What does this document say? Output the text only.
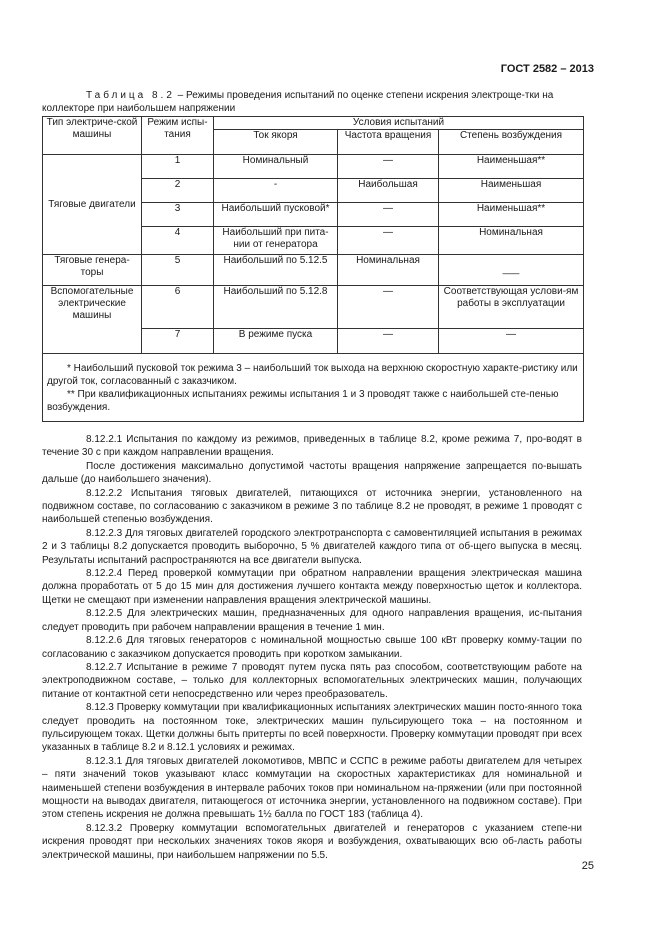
ГОСТ 2582 – 2013
Таблица 8.2 – Режимы проведения испытаний по оценке степени искрения электроще-тки на коллекторе при наибольшем напряжении
Тип электриче-ской машины	Режим испы-тания	Условия испытаний		
		Ток якоря	Частота вращения	Степень возбуждения
Тяговые двигатели	1	Номинальный	—	Наименьшая**
	2	-	Наибольшая	Наименьшая
	3	Наибольший пусковой*	—	Наименьшая**
	4	Наибольший при пита-нии от генератора	—	Номинальная
Тяговые генера-торы	5	Наибольший по 5.12.5	Номинальная	___
Вспомогательные электрические машины	6	Наибольший по 5.12.8	—	Соответствующая услови-ям работы в эксплуатации
	7	В режиме пуска	—	—

* Наибольший пусковой ток режима 3 – наибольший ток выхода на верхнюю скоростную характе-ристику или другой ток, согласованный с заказчиком.
** При квалификационных испытаниях режимы испытания 1 и 3 проводят также с наибольшей сте-пенью возбуждения.				

8.12.2.1 Испытания по каждому из режимов, приведенных в таблице 8.2, кроме режима 7, про-водят в течение 30 с при каждом направлении вращения.

После достижения максимально допустимой частоты вращения напряжение запрещается по-вышать дальше (до наибольшего значения).

8.12.2.2 Испытания тяговых двигателей, питающихся от источника энергии, установленного на подвижном составе, по согласованию с заказчиком в режиме 3 по таблице 8.2 не проводят, в режиме 1 проводят с наибольшей степенью возбуждения.

8.12.2.3 Для тяговых двигателей городского электротранспорта с самовентиляцией испытания в режимах 2 и 3 таблицы 8.2 допускается проводить выборочно, 5 % двигателей каждого типа от об-щего выпуска в месяц. Результаты испытаний распространяются на все двигатели выпуска.

8.12.2.4 Перед проверкой коммутации при обратном направлении вращения электрическая машина должна проработать от 5 до 15 мин для достижения лучшего контакта между поверхностью щеток и коллектора. Щетки не смещают при изменении направления вращения электрической машины.

8.12.2.5 Для электрических машин, предназначенных для одного направления вращения, ис-пытания следует проводить при рабочем направлении вращения в течение 1 мин.

8.12.2.6 Для тяговых генераторов с номинальной мощностью свыше 100 кВт проверку комму-тации по согласованию с заказчиком допускается проводить при коротком замыкании.

8.12.2.7 Испытание в режиме 7 проводят путем пуска пять раз способом, соответствующим работе на электроподвижном составе, – только для коллекторных вспомогательных электрических машин, получающих питание от контактной сети непосредственно или через преобразователь.

8.12.3 Проверку коммутации при квалификационных испытаниях электрических машин посто-янного тока следует проводить на постоянном токе, электрических машин пульсирующего тока – на постоянном и пульсирующем токах. Щетки должны быть притерты по всей поверхности. Проверку коммутации проводят при всех указанных в таблице 8.2 и 8.12.1 условиях и режимах.

8.12.3.1 Для тяговых двигателей локомотивов, МВПС и ССПС в режиме работы двигателем для четырех – пяти значений токов указывают класс коммутации на скоростных характеристиках для номинальной и наименьшей степени возбуждения в интервале рабочих токов при номинальном на-пряжении (или при постоянной мощности на выводах двигателя, питающегося от источника энергии, установленного на подвижном составе). При этом степень искрения не должна превышать 1½ балла по ГОСТ 183 (таблица 4).

8.12.3.2 Проверку коммутации вспомогательных двигателей и генераторов с указанием степе-ни искрения проводят при нескольких значениях токов якоря и возбуждения, охватывающих всю об-ласть работы электрической машины, при наибольшем напряжении по 5.5.

25
